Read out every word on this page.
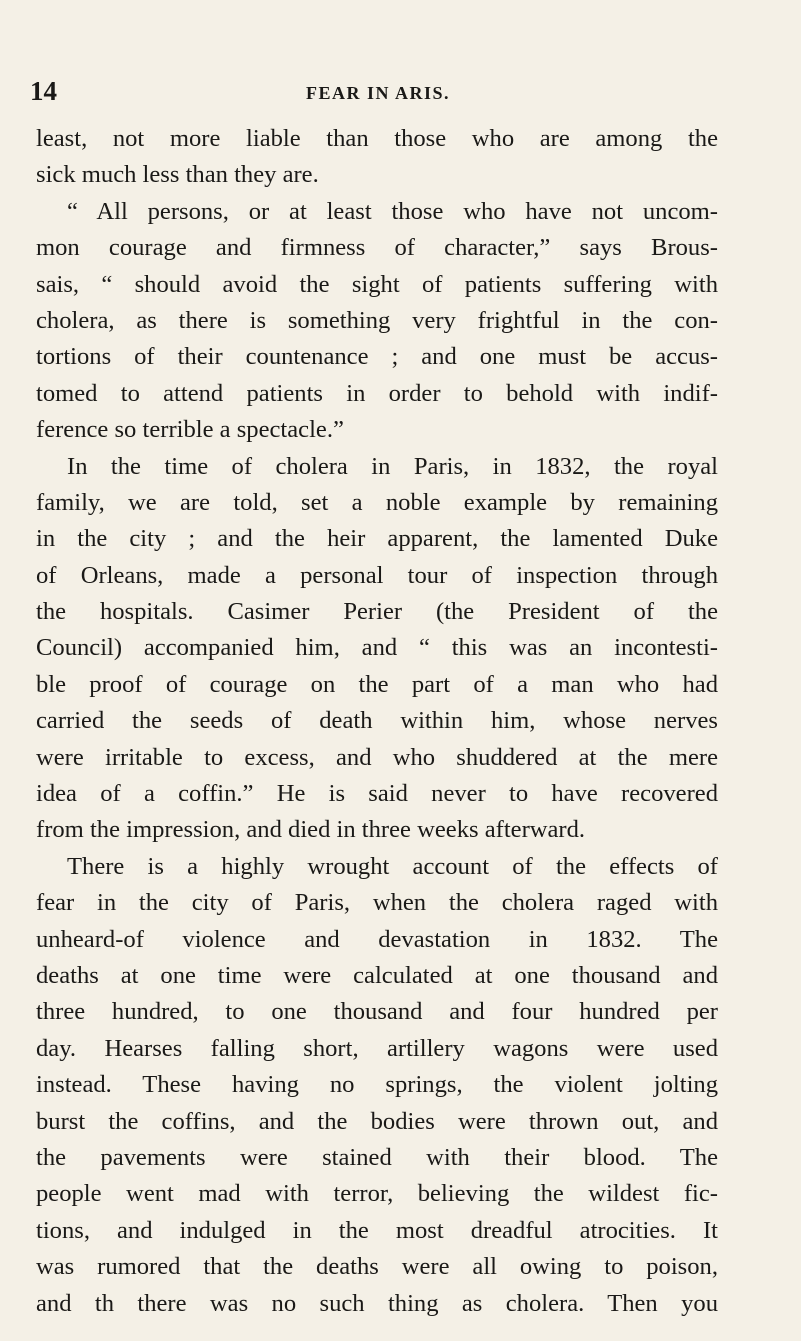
14	FEAR IN ARIS.
least, not more liable than those who are among the
sick much less than they are.
“ All persons, or at least those who have not uncom-
mon courage and firmness of character,” says Brous-
sais, “ should avoid the sight of patients suffering with
cholera, as there is something very frightful in the con-
tortions of their countenance ; and one must be accus-
tomed to attend patients in order to behold with indif-
ference so terrible a spectacle.”
In the time of cholera in Paris, in 1832, the royal
family, we are told, set a noble example by remaining
in the city ; and the heir apparent, the lamented Duke
of Orleans, made a personal tour of inspection through
the hospitals. Casimer Perier (the President of the
Council) accompanied him, and “ this was an incontesti-
ble proof of courage on the part of a man who had
carried the seeds of death within him, whose nerves
were irritable to excess, and who shuddered at the mere
idea of a coffin.” He is said never to have recovered
from the impression, and died in three weeks afterward.
There is a highly wrought account of the effects of
fear in the city of Paris, when the cholera raged with
unheard-of violence and devastation in 1832. The
deaths at one time were calculated at one thousand and
three hundred, to one thousand and four hundred per
day. Hearses falling short, artillery wagons were used
instead. These having no springs, the violent jolting
burst the coffins, and the bodies were thrown out, and
the pavements were stained with their blood. The
people went mad with terror, believing the wildest fic-
tions, and indulged in the most dreadful atrocities. It
was rumored that the deaths were all owing to poison,
and th there was no such thing as cholera. Then you
